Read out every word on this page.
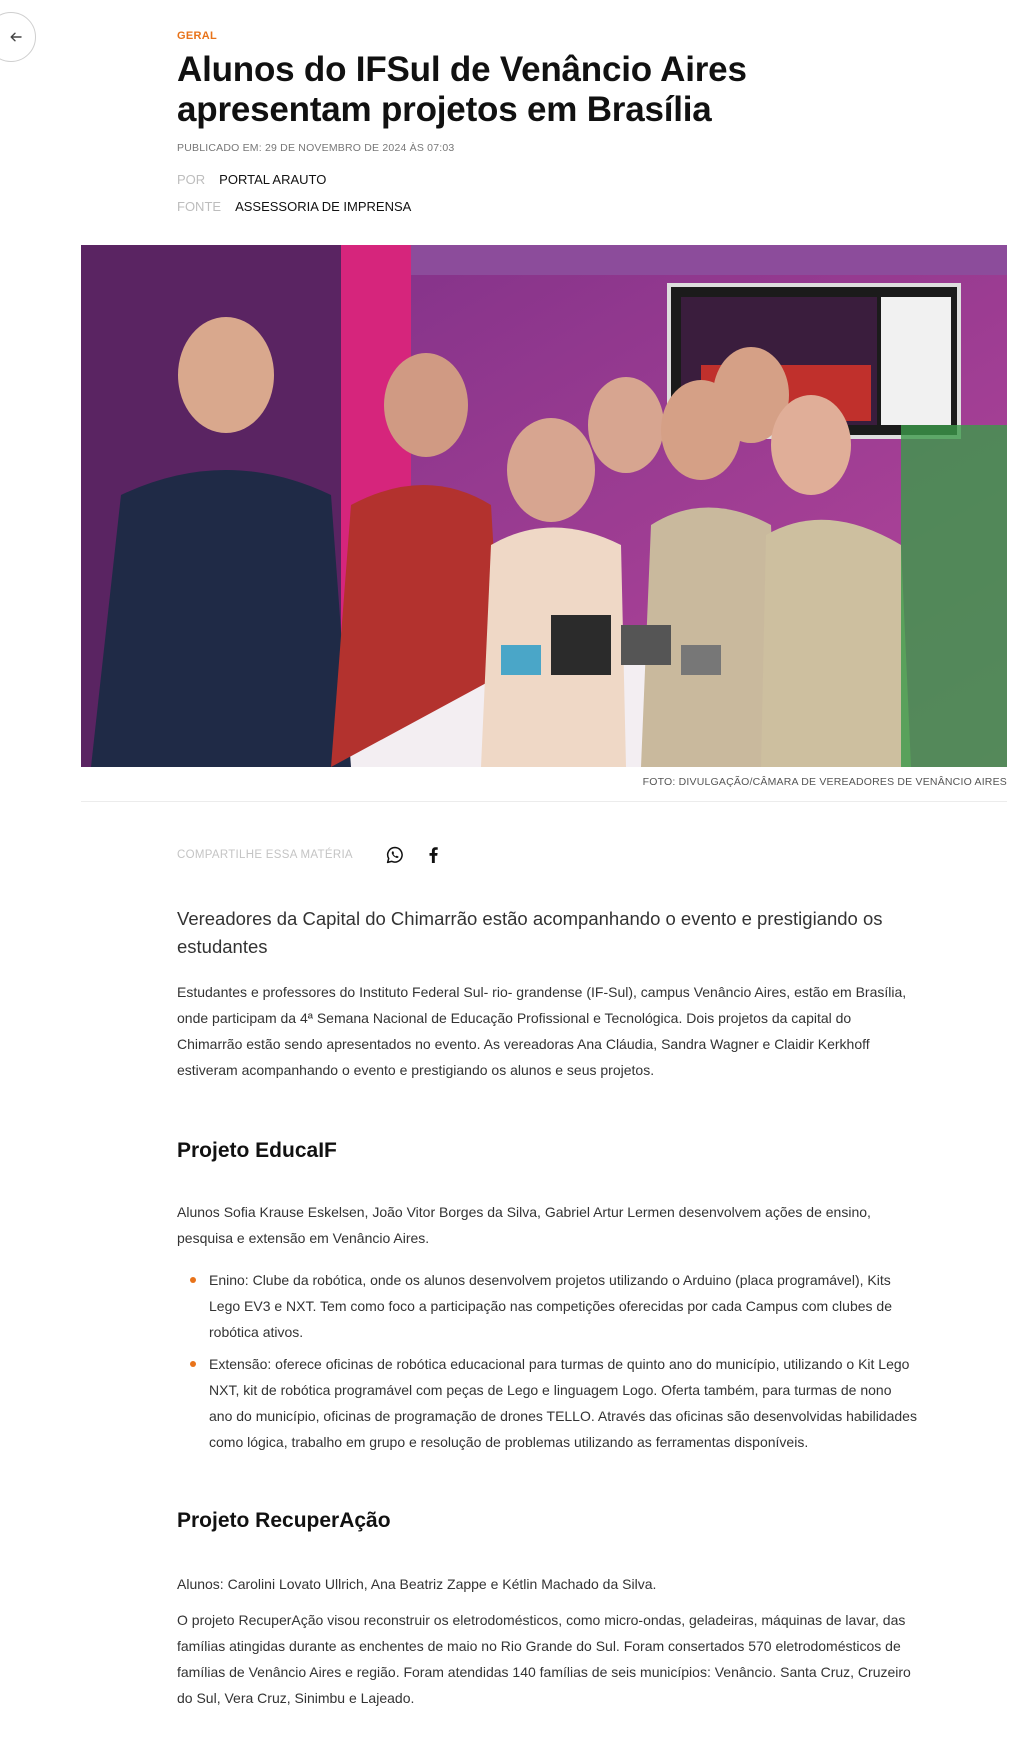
GERAL
Alunos do IFSul de Venâncio Aires apresentam projetos em Brasília
PUBLICADO EM: 29 DE NOVEMBRO DE 2024 ÀS 07:03
POR PORTAL ARAUTO
FONTE ASSESSORIA DE IMPRENSA
FOTO: DIVULGAÇÃO/CÂMARA DE VEREADORES DE VENÂNCIO AIRES
COMPARTILHE ESSA MATÉRIA
Vereadores da Capital do Chimarrão estão acompanhando o evento e prestigiando os estudantes

Estudantes e professores do Instituto Federal Sul- rio- grandense (IF-Sul), campus Venâncio Aires, estão em Brasília, onde participam da 4ª Semana Nacional de Educação Profissional e Tecnológica. Dois projetos da capital do Chimarrão estão sendo apresentados no evento. As vereadoras Ana Cláudia, Sandra Wagner e Claidir Kerkhoff estiveram acompanhando o evento e prestigiando os alunos e seus projetos.

Projeto EducaIF

Alunos Sofia Krause Eskelsen, João Vitor Borges da Silva, Gabriel Artur Lermen desenvolvem ações de ensino, pesquisa e extensão em Venâncio Aires.

Enino: Clube da robótica, onde os alunos desenvolvem projetos utilizando o Arduino (placa programável), Kits Lego EV3 e NXT. Tem como foco a participação nas competições oferecidas por cada Campus com clubes de robótica ativos.
Extensão: oferece oficinas de robótica educacional para turmas de quinto ano do município, utilizando o Kit Lego NXT, kit de robótica programável com peças de Lego e linguagem Logo. Oferta também, para turmas de nono ano do município, oficinas de programação de drones TELLO. Através das oficinas são desenvolvidas habilidades como lógica, trabalho em grupo e resolução de problemas utilizando as ferramentas disponíveis.
Projeto RecuperAção

Alunos: Carolini Lovato Ullrich, Ana Beatriz Zappe e Kétlin Machado da Silva.

O projeto RecuperAção visou reconstruir os eletrodomésticos, como micro-ondas, geladeiras, máquinas de lavar, das famílias atingidas durante as enchentes de maio no Rio Grande do Sul. Foram consertados 570 eletrodomésticos de famílias de Venâncio Aires e região. Foram atendidas 140 famílias de seis municípios: Venâncio. Santa Cruz, Cruzeiro do Sul, Vera Cruz, Sinimbu e Lajeado.
